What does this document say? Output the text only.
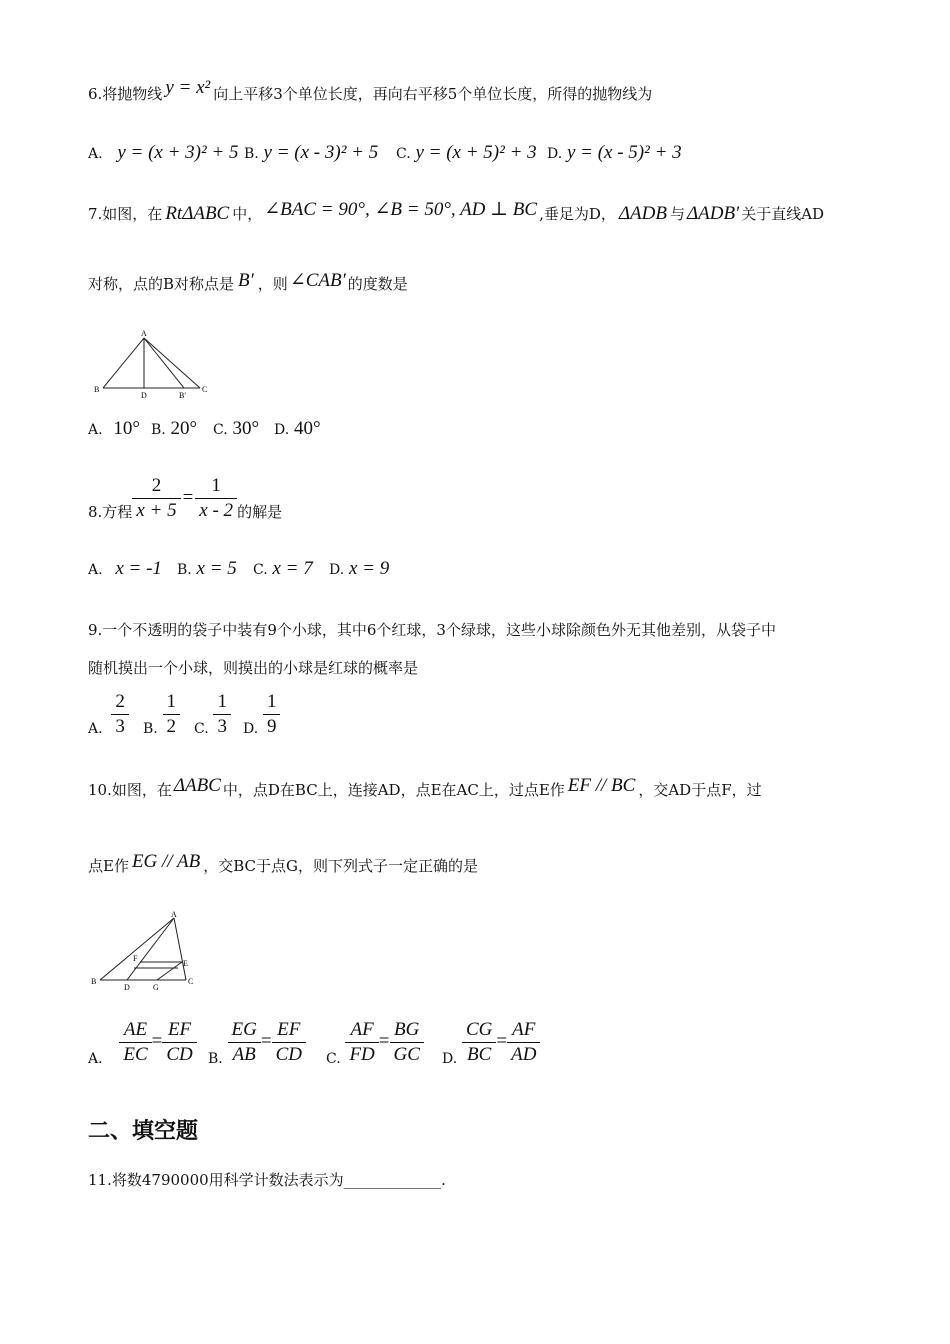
6.将抛物线 y = x² 向上平移3个单位长度，再向右平移5个单位长度，所得的抛物线为
A. y = (x + 3)² + 5 B. y = (x - 3)² + 5 C. y = (x + 5)² + 3 D. y = (x - 5)² + 3
7.如图，在 RtΔABC 中， ∠BAC = 90°, ∠B = 50°, AD ⊥ BC ,垂足为D， ΔADB 与 ΔADB′ 关于直线AD
对称，点的B对称点是 B′ ，则 ∠CAB′ 的度数是
A
B	C
D	B′
A. 10° B. 20° C. 30° D. 40°
8.方程 $\frac{2}{x + 5} = \frac{1}{x - 2}$ 的解是
A. x = -1 B. x = 5 C. x = 7 D. x = 9
9.一个不透明的袋子中装有9个小球，其中6个红球，3个绿球，这些小球除颜色外无其他差别，从袋子中
随机摸出一个小球，则摸出的小球是红球的概率是
A. $\frac{2}{3} B$. $\frac{1}{2} C$. $\frac{1}{3} D$. $\frac{1}{9}$
10.如图，在 ΔABC 中，点D在BC上，连接AD，点E在AC上，过点E作 EF // BC ，交AD于点F，过
点E作 EG // AB ，交BC于点G，则下列式子一定正确的是
A
B	C
D
E
F
G
A. $\frac{AE}{EC} = \frac{EF}{CD} B$. $\frac{EG}{AB} = \frac{EF}{CD} C$. $\frac{AF}{FD} = \frac{BG}{GC} D$. $\frac{CG}{BC} = \frac{AF}{AD}$
二、填空题
11.将数4790000用科学计数法表示为_____________.
